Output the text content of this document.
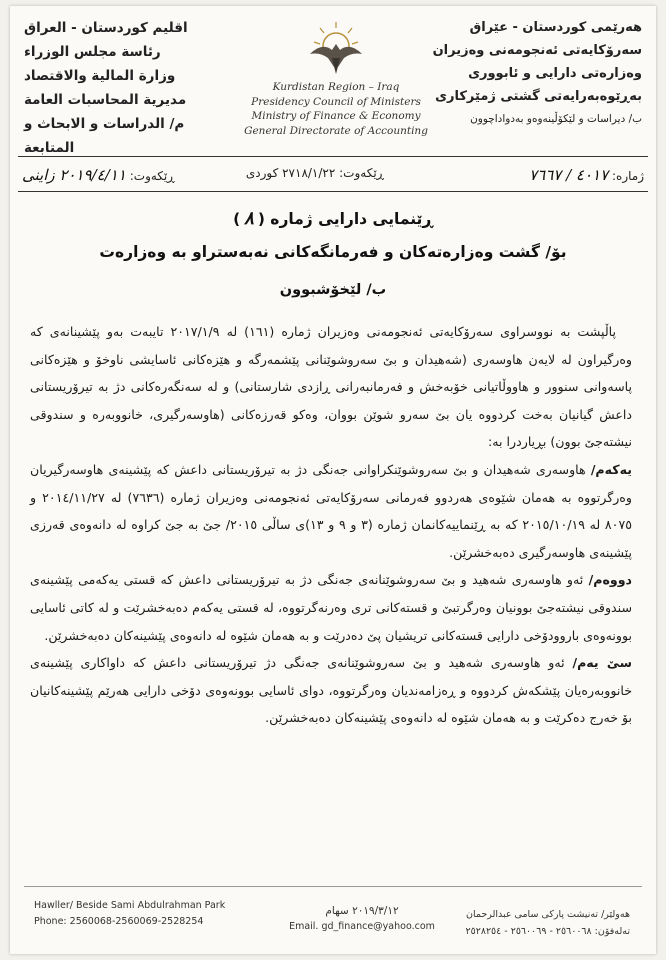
اقليم كوردستان - العراق
رئاسة مجلس الوزراء
وزارة المالية والاقتصاد
مديرية المحاسبات العامة
م/ الدراسات و الابحاث و المتابعة
Kurdistan Region – Iraq
Presidency Council of Ministers
Ministry of Finance & Economy
General Directorate of Accounting
هەرێمی كوردستان - عێراق
سەرۆكایەتی ئەنجومەنی وەزیران
وەزارەتی دارایی و ئابووری
بەڕێوەبەرایەتی گشتی ژمێرکاری
ب/ دیراسات و لێکۆڵینەوەو بەدواداچوون
ژمارە: ٤٠١٧ / ٧٦٦٧
ڕێكەوت: ٢٧١٨/١/٢٢ كوردی
ڕێكەوت: ٢٠١٩/٤/١١ زاینی
ڕێنمایی دارایی ژمارە (٨)
بۆ/ گشت وەزارەتەكان و فەرمانگەكانی نەبەستراو بە وەزارەت
ب/ لێخۆشبوون

پاڵپشت بە نووسراوی سەرۆكایەتی ئەنجومەنی وەزیران ژمارە (١٦١) لە ٢٠١٧/١/٩ تایبەت بەو پێشینانەی كە وەرگیراون لە لایەن هاوسەری (شەهیدان و بێ سەروشوێنانی پێشمەرگە و هێزەكانی ئاسایشی ناوخۆ و هێزەكانی پاسەوانی سنوور و هاووڵاتیانی خۆبەخش و فەرمانبەرانی ڕازدی شارستانی) و لە سەنگەرەكانی دژ بە تیرۆریستانی داعش گیانیان بەخت كردووە یان بێ سەرو شوێن بووان، وەكو قەرزەكانی (هاوسەرگیری، خانووبەرە و سندوقی نیشتەجێ بوون) بڕیاردرا بە:

یەكەم/ هاوسەری شەهیدان و بێ سەروشوێنكراوانی جەنگی دژ بە تیرۆریستانی داعش كە پێشینەی هاوسەرگیریان وەرگرتووە بە هەمان شێوەی هەردوو فەرمانی سەرۆكایەتی ئەنجومەنی وەزیران ژمارە (٧٦٣٦) لە ٢٠١٤/١١/٢٧ و ٨٠٧٥ لە ٢٠١٥/١٠/١٩ كە بە ڕێنماییەكانمان ژمارە (٣ و ٩ و ١٣)ی ساڵی ٢٠١٥/ جێ بە جێ كراوە لە دانەوەی قەرزی پێشینەی هاوسەرگیری دەبەخشرێن.

دووەم/ ئەو هاوسەری شەهید و بێ سەروشوێنانەی جەنگی دژ بە تیرۆریستانی داعش كە قستی یەكەمی پێشینەی سندوقی نیشتەجێ بوونیان وەرگرتبێ و قستەكانی تری وەرنەگرتووە، لە قستی یەكەم دەبەخشرێت و لە كاتی ئاسایی بوونەوەی باروودۆخی دارایی قستەكانی تریشیان پێ دەدرێت و بە هەمان شێوە لە دانەوەی پێشینەكان دەبەخشرێن.

سێ یەم/ ئەو هاوسەری شەهید و بێ سەروشوێنانەی جەنگی دژ تیرۆریستانی داعش كە داواكاری پێشینەی خانووبەرەیان پێشكەش كردووە و ڕەزامەندیان وەرگرتووە، دوای ئاسایی بوونەوەی دۆخی دارایی هەرێم پێشینەكانیان بۆ خەرج دەكرێت و بە هەمان شێوە لە دانەوەی پێشینەكان دەبەخشرێن.

Hawller/ Beside Sami Abdulrahman Park
Phone: 2560068-2560069-2528254
٢٠١٩/٣/١٢ سهام
Email. gd_finance@yahoo.com
هەولێر/ تەنیشت پاركی سامی عبدالرحمان
تەلەفۆن: ٢٥٦٠٠٦٨ - ٢٥٦٠٠٦٩ - ٢٥٢٨٢٥٤
